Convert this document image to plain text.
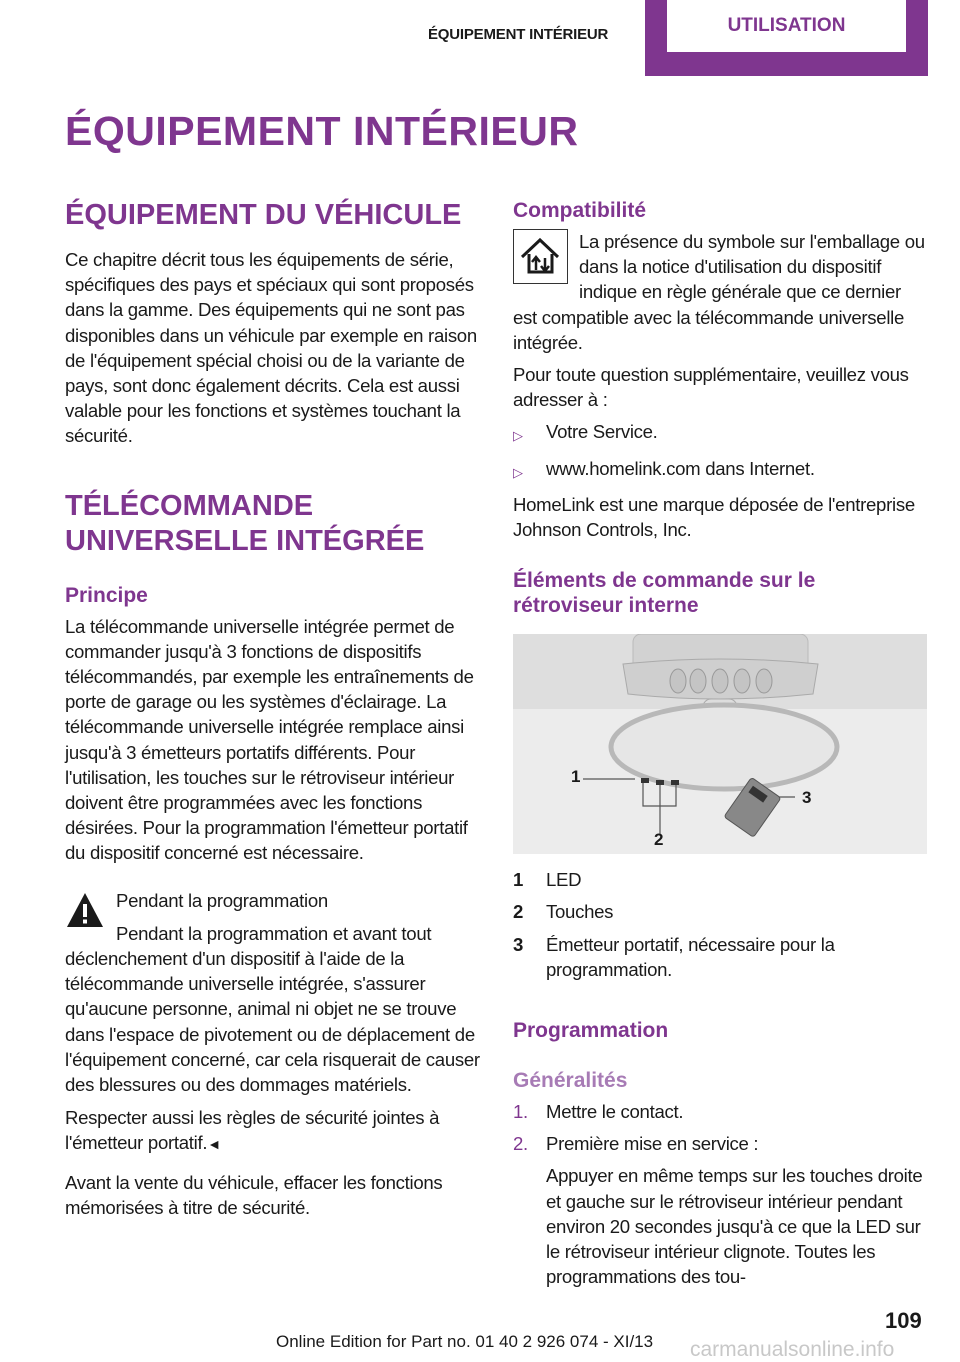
ÉQUIPEMENT INTÉRIEUR	UTILISATION
ÉQUIPEMENT INTÉRIEUR
ÉQUIPEMENT DU VÉHICULE
Ce chapitre décrit tous les équipements de série, spécifiques des pays et spéciaux qui sont proposés dans la gamme. Des équipements qui ne sont pas disponibles dans un véhicule par exemple en raison de l'équipement spécial choisi ou de la variante de pays, sont donc également décrits. Cela est aussi valable pour les fonctions et systèmes touchant la sécurité.
TÉLÉCOMMANDE UNIVERSELLE INTÉGRÉE
Principe
La télécommande universelle intégrée permet de commander jusqu'à 3 fonctions de dispositifs télécommandés, par exemple les entraînements de porte de garage ou les systèmes d'éclairage. La télécommande universelle intégrée remplace ainsi jusqu'à 3 émetteurs portatifs différents. Pour l'utilisation, les touches sur le rétroviseur intérieur doivent être programmées avec les fonctions désirées. Pour la programmation l'émetteur portatif du dispositif concerné est nécessaire.
Pendant la programmation
Pendant la programmation et avant tout déclenchement d'un dispositif à l'aide de la télécommande universelle intégrée, s'assurer qu'aucune personne, animal ni objet ne se trouve dans l'espace de pivotement ou de déplacement de l'équipement concerné, car cela risquerait de causer des blessures ou des dommages matériels.
Respecter aussi les règles de sécurité jointes à l'émetteur portatif.◄
Avant la vente du véhicule, effacer les fonctions mémorisées à titre de sécurité.
Compatibilité
La présence du symbole sur l'emballage ou dans la notice d'utilisation du dispositif indique en règle générale que ce dernier est compatible avec la télécommande universelle intégrée.
Pour toute question supplémentaire, veuillez vous adresser à :
▷	Votre Service.
▷	www.homelink.com dans Internet.
HomeLink est une marque déposée de l'entreprise Johnson Controls, Inc.
Éléments de commande sur le rétroviseur interne
1
2
3
1	LED
2	Touches
3	Émetteur portatif, nécessaire pour la programmation.
Programmation
Généralités
1. Mettre le contact.
2. Première mise en service :
Appuyer en même temps sur les touches droite et gauche sur le rétroviseur intérieur pendant environ 20 secondes jusqu'à ce que la LED sur le rétroviseur intérieur clignote. Toutes les programmations des tou-
Online Edition for Part no. 01 40 2 926 074 - XI/13
109
carmanualsonline.info
